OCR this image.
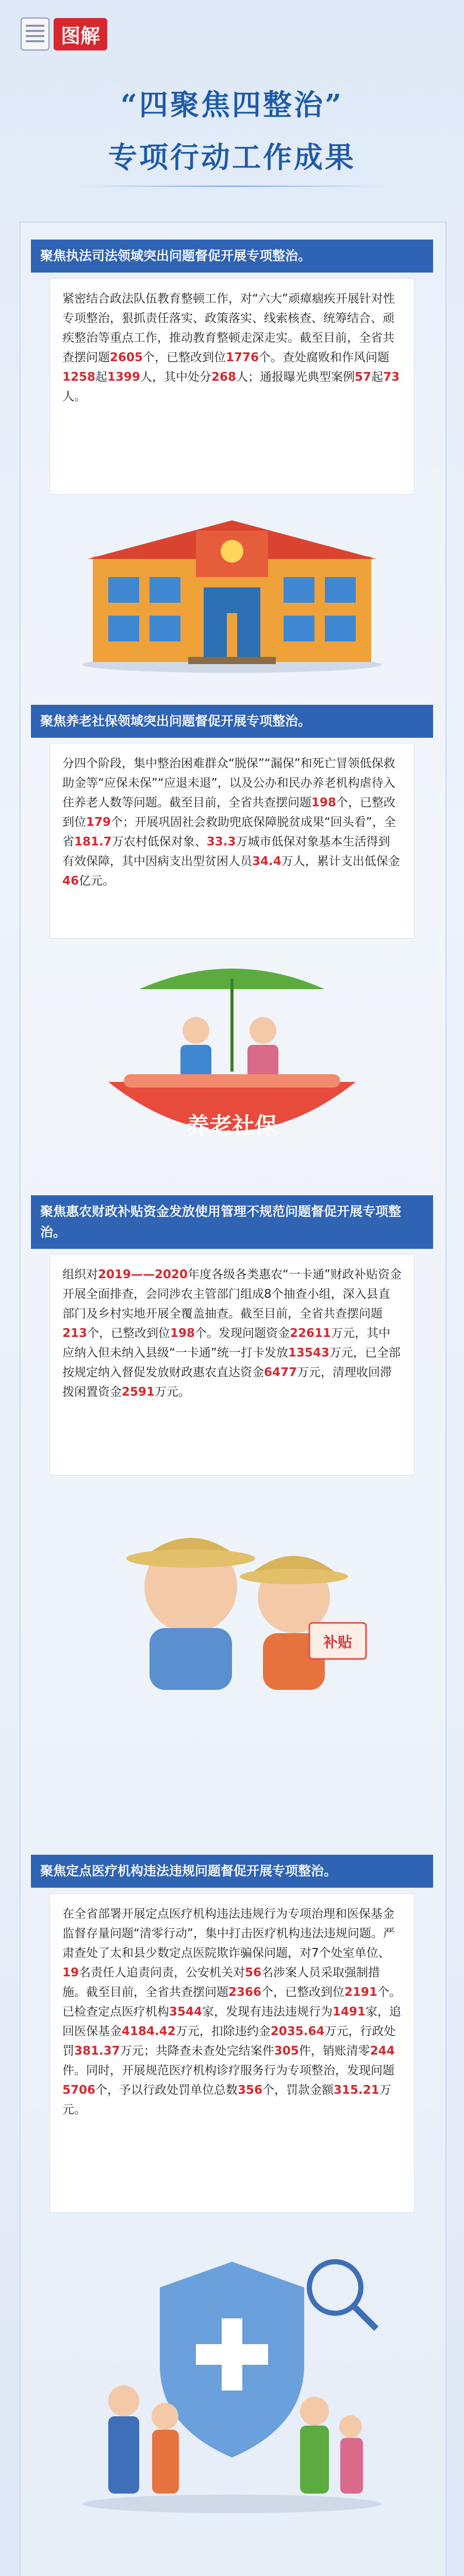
图解
“四聚焦四整治”
专项行动工作成果
聚焦执法司法领域突出问题督促开展专项整治。
紧密结合政法队伍教育整顿工作，对“六大”顽瘴痼疾开展针对性专项整治，狠抓责任落实、政策落实、线索核查、统筹结合、顽疾整治等重点工作，推动教育整顿走深走实。截至目前，全省共查摆问题2605个，已整改到位1776个。查处腐败和作风问题1258起1399人，其中处分268人；通报曝光典型案例57起73人。
聚焦养老社保领域突出问题督促开展专项整治。
分四个阶段，集中整治困难群众“脱保”“漏保”和死亡冒领低保救助金等“应保未保”“应退未退”，以及公办和民办养老机构虐待入住养老人数等问题。截至目前，全省共查摆问题198个，已整改到位179个；开展巩固社会救助兜底保障脱贫成果“回头看”，全省181.7万农村低保对象、33.3万城市低保对象基本生活得到有效保障，其中因病支出型贫困人员34.4万人，累计支出低保金46亿元。
养老社保
聚焦惠农财政补贴资金发放使用管理不规范问题督促开展专项整治。
组织对2019——2020年度各级各类惠农“一卡通”财政补贴资金开展全面排查，会同涉农主管部门组成8个抽查小组，深入县直部门及乡村实地开展全覆盖抽查。截至目前，全省共查摆问题213个，已整改到位198个。发现问题资金22611万元，其中应纳入但未纳入县级“一卡通”统一打卡发放13543万元，已全部按规定纳入督促发放财政惠农直达资金6477万元，清理收回滞拨闲置资金2591万元。
补贴
聚焦定点医疗机构违法违规问题督促开展专项整治。
在全省部署开展定点医疗机构违法违规行为专项治理和医保基金监督存量问题“清零行动”，集中打击医疗机构违法违规问题。严肃查处了太和县少数定点医院欺诈骗保问题，对7个处室单位、19名责任人追责问责，公安机关对56名涉案人员采取强制措施。截至目前，全省共查摆问题2366个，已整改到位2191个。已检查定点医疗机构3544家，发现有违法违规行为1491家，追回医保基金4184.42万元，扣除违约金2035.64万元，行政处罚381.37万元；共降查未查处完结案件305件，销账清零244件。同时，开展规范医疗机构诊疗服务行为专项整治，发现问题5706个，予以行政处罚单位总数356个，罚款金额315.21万元。
